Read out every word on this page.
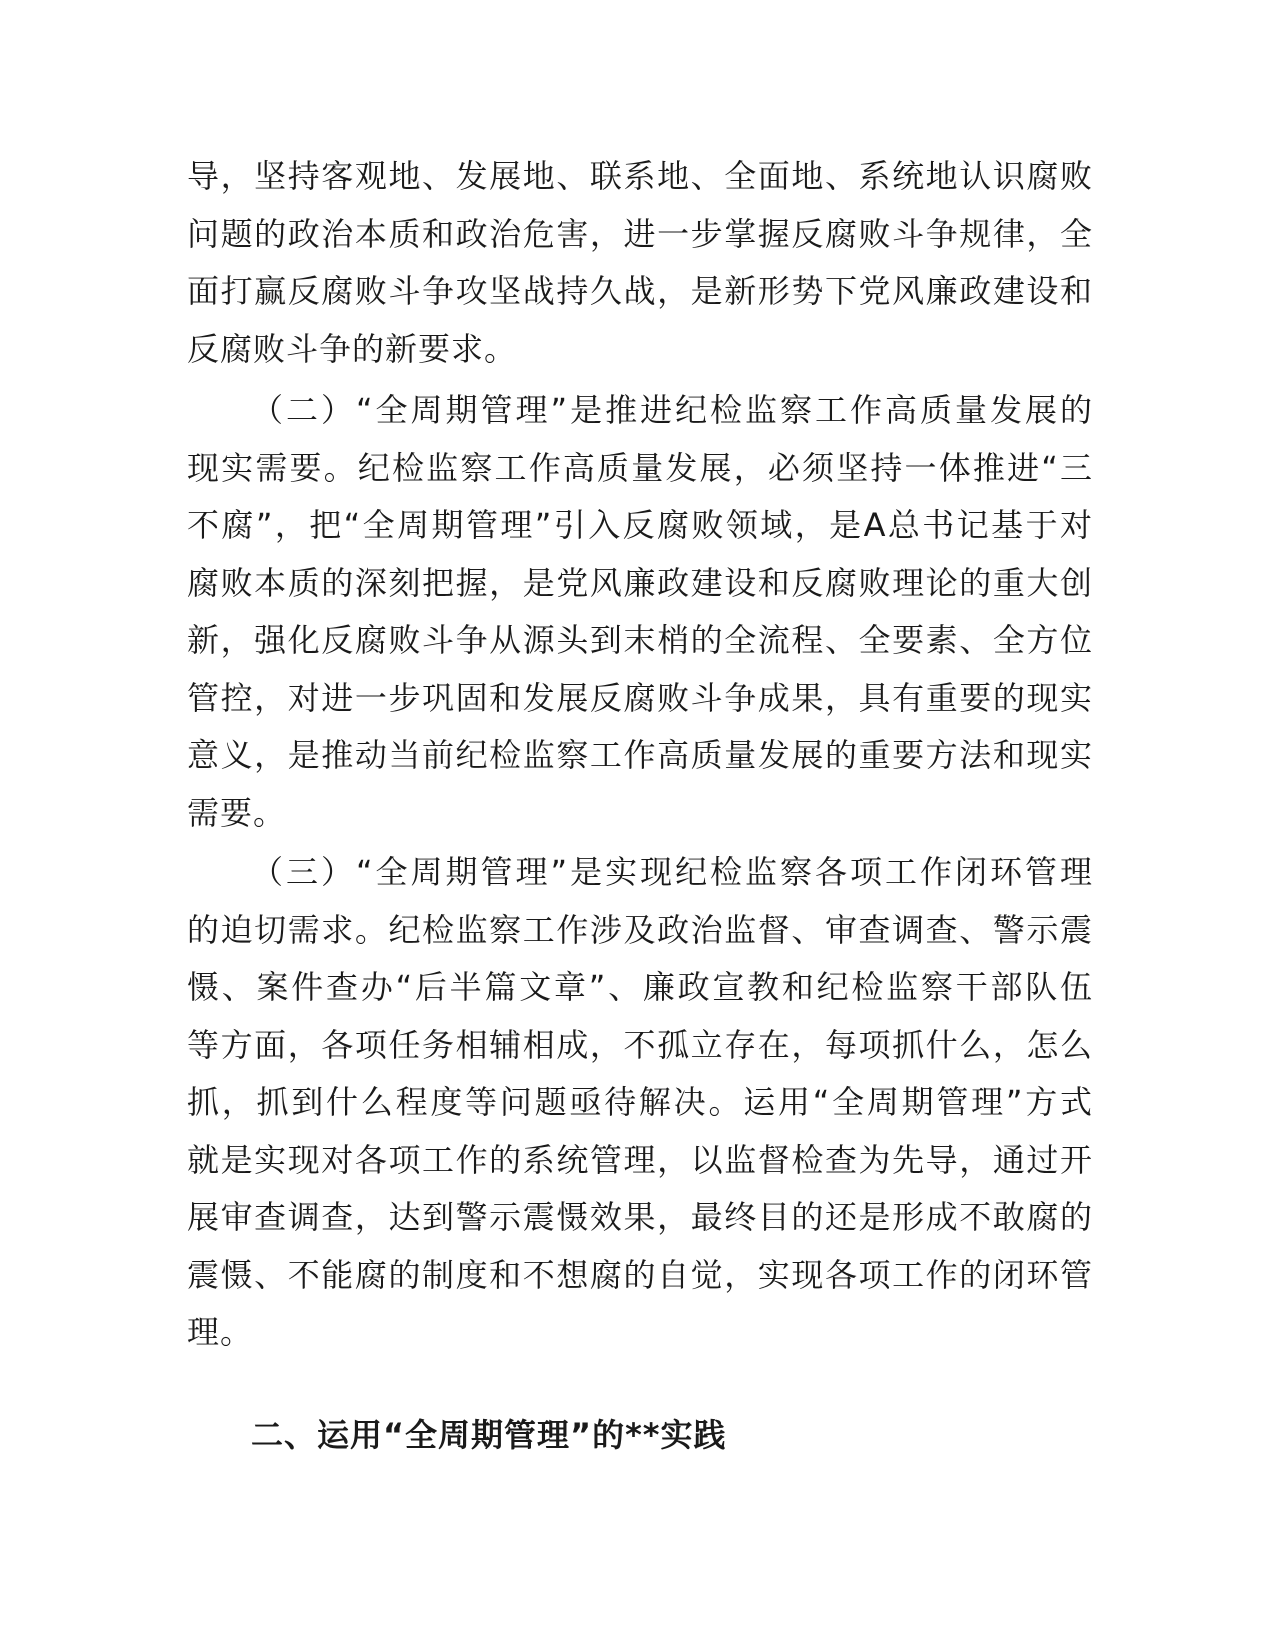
导，坚持客观地、发展地、联系地、全面地、系统地认识腐败
问题的政治本质和政治危害，进一步掌握反腐败斗争规律，全
面打赢反腐败斗争攻坚战持久战，是新形势下党风廉政建设和
反腐败斗争的新要求。
（二）“全周期管理”是推进纪检监察工作高质量发展的
现实需要。纪检监察工作高质量发展，必须坚持一体推进“三
不腐”，把“全周期管理”引入反腐败领域，是A总书记基于对
腐败本质的深刻把握，是党风廉政建设和反腐败理论的重大创
新，强化反腐败斗争从源头到末梢的全流程、全要素、全方位
管控，对进一步巩固和发展反腐败斗争成果，具有重要的现实
意义，是推动当前纪检监察工作高质量发展的重要方法和现实
需要。
（三）“全周期管理”是实现纪检监察各项工作闭环管理
的迫切需求。纪检监察工作涉及政治监督、审查调查、警示震
慑、案件查办“后半篇文章”、廉政宣教和纪检监察干部队伍
等方面，各项任务相辅相成，不孤立存在，每项抓什么，怎么
抓，抓到什么程度等问题亟待解决。运用“全周期管理”方式
就是实现对各项工作的系统管理，以监督检查为先导，通过开
展审查调查，达到警示震慑效果，最终目的还是形成不敢腐的
震慑、不能腐的制度和不想腐的自觉，实现各项工作的闭环管
理。
二、运用“全周期管理”的**实践
